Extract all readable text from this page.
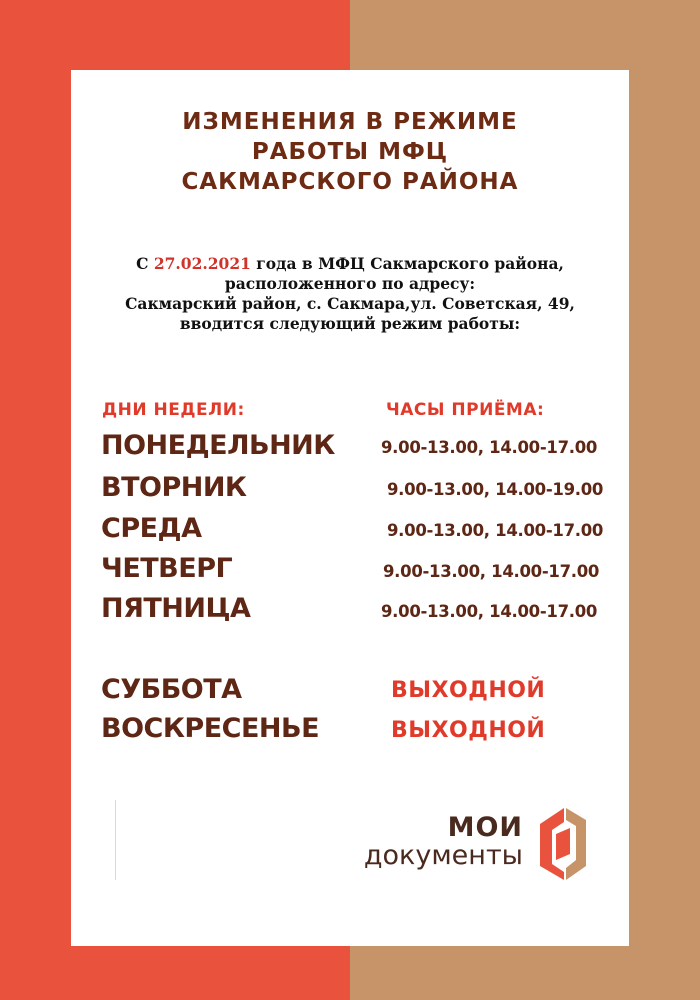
ИЗМЕНЕНИЯ В РЕЖИМЕ
РАБОТЫ МФЦ
САКМАРСКОГО РАЙОНА
С 27.02.2021 года в МФЦ Сакмарского района,
расположенного по адресу:
Сакмарский район, с. Сакмара,ул. Советская, 49,
вводится следующий режим работы:
ДНИ НЕДЕЛИ:	ЧАСЫ ПРИЁМА:
ПОНЕДЕЛЬНИК	9.00-13.00, 14.00-17.00
ВТОРНИК	9.00-13.00, 14.00-19.00
СРЕДА	9.00-13.00, 14.00-17.00
ЧЕТВЕРГ	9.00-13.00, 14.00-17.00
ПЯТНИЦА	9.00-13.00, 14.00-17.00
СУББОТА	ВЫХОДНОЙ
ВОСКРЕСЕНЬЕ	ВЫХОДНОЙ
МОИ
документы
